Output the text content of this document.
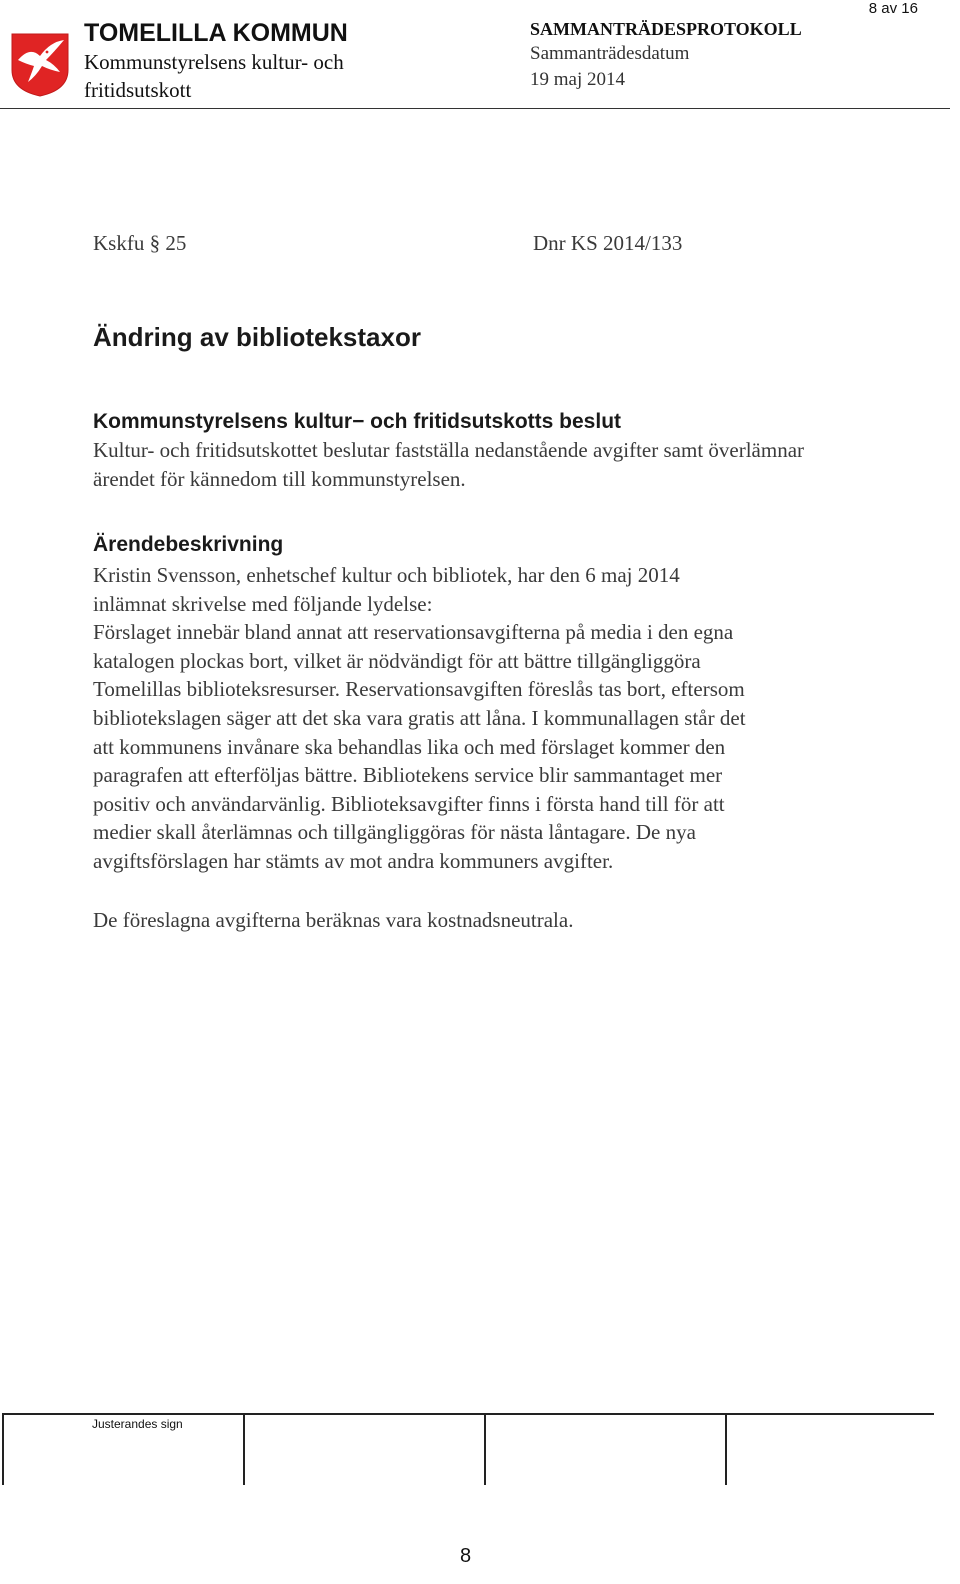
8 av 16
TOMELILLA KOMMUN
Kommunstyrelsens kultur- och
fritidsutskott
SAMMANTRÄDESPROTOKOLL
Sammanträdesdatum
19 maj 2014
Kskfu § 25	Dnr KS 2014/133
Ändring av bibliotekstaxor
Kommunstyrelsens kultur− och fritidsutskotts beslut

Kultur- och fritidsutskottet beslutar fastställa nedanstående avgifter samt överlämnar ärendet för kännedom till kommunstyrelsen.

Ärendebeskrivning

Kristin Svensson, enhetschef kultur och bibliotek, har den 6 maj 2014

inlämnat skrivelse med följande lydelse:

Förslaget innebär bland annat att reservationsavgifterna på media i den egna

katalogen plockas bort, vilket är nödvändigt för att bättre tillgängliggöra

Tomelillas biblioteksresurser. Reservationsavgiften föreslås tas bort, eftersom

bibliotekslagen säger att det ska vara gratis att låna. I kommunallagen står det

att kommunens invånare ska behandlas lika och med förslaget kommer den

paragrafen att efterföljas bättre. Bibliotekens service blir sammantaget mer

positiv och användarvänlig. Biblioteksavgifter finns i första hand till för att

medier skall återlämnas och tillgängliggöras för nästa låntagare. De nya

avgiftsförslagen har stämts av mot andra kommuners avgifter.

De föreslagna avgifterna beräknas vara kostnadsneutrala.

Justerandes sign
8
